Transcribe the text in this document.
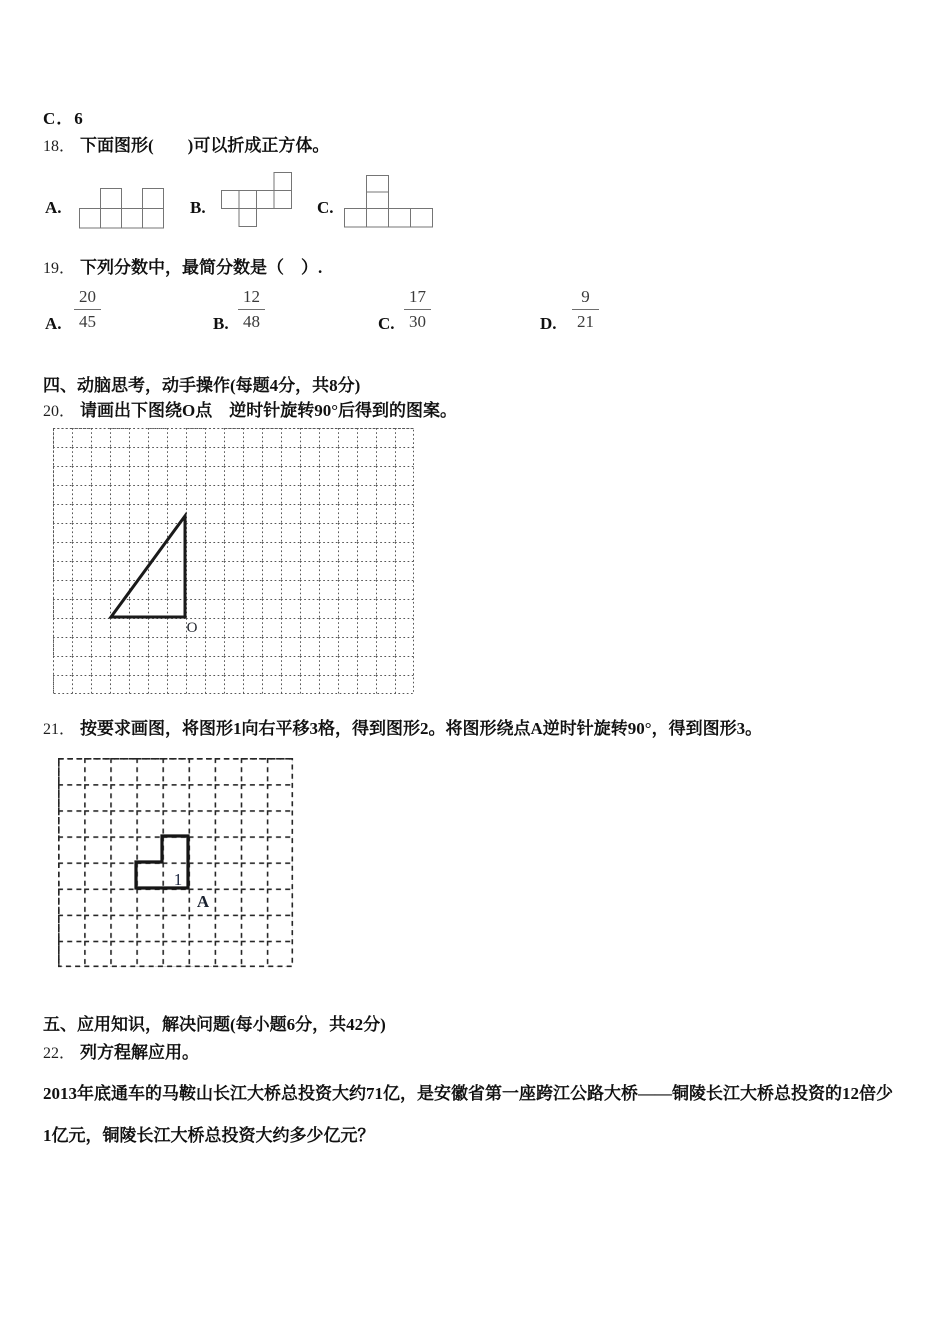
C．6
18． 下面图形(　　)可以折成正方体。
A.	B.	C.
19． 下列分数中，最简分数是（　）.
A. $\frac{20}{45}$	B. $\frac{12}{48}$	C. $\frac{17}{30}$	D. $\frac{9}{21}$
四、动脑思考，动手操作(每题4分，共8分)
20． 请画出下图绕O点　逆时针旋转90°后得到的图案。
O
21． 按要求画图，将图形1向右平移3格，得到图形2。将图形绕点A逆时针旋转90°，得到图形3。
1
A
五、应用知识，解决问题(每小题6分，共42分)
22． 列方程解应用。
2013年底通车的马鞍山长江大桥总投资大约71亿，是安徽省第一座跨江公路大桥——铜陵长江大桥总投资的12倍少
1亿元，铜陵长江大桥总投资大约多少亿元？
